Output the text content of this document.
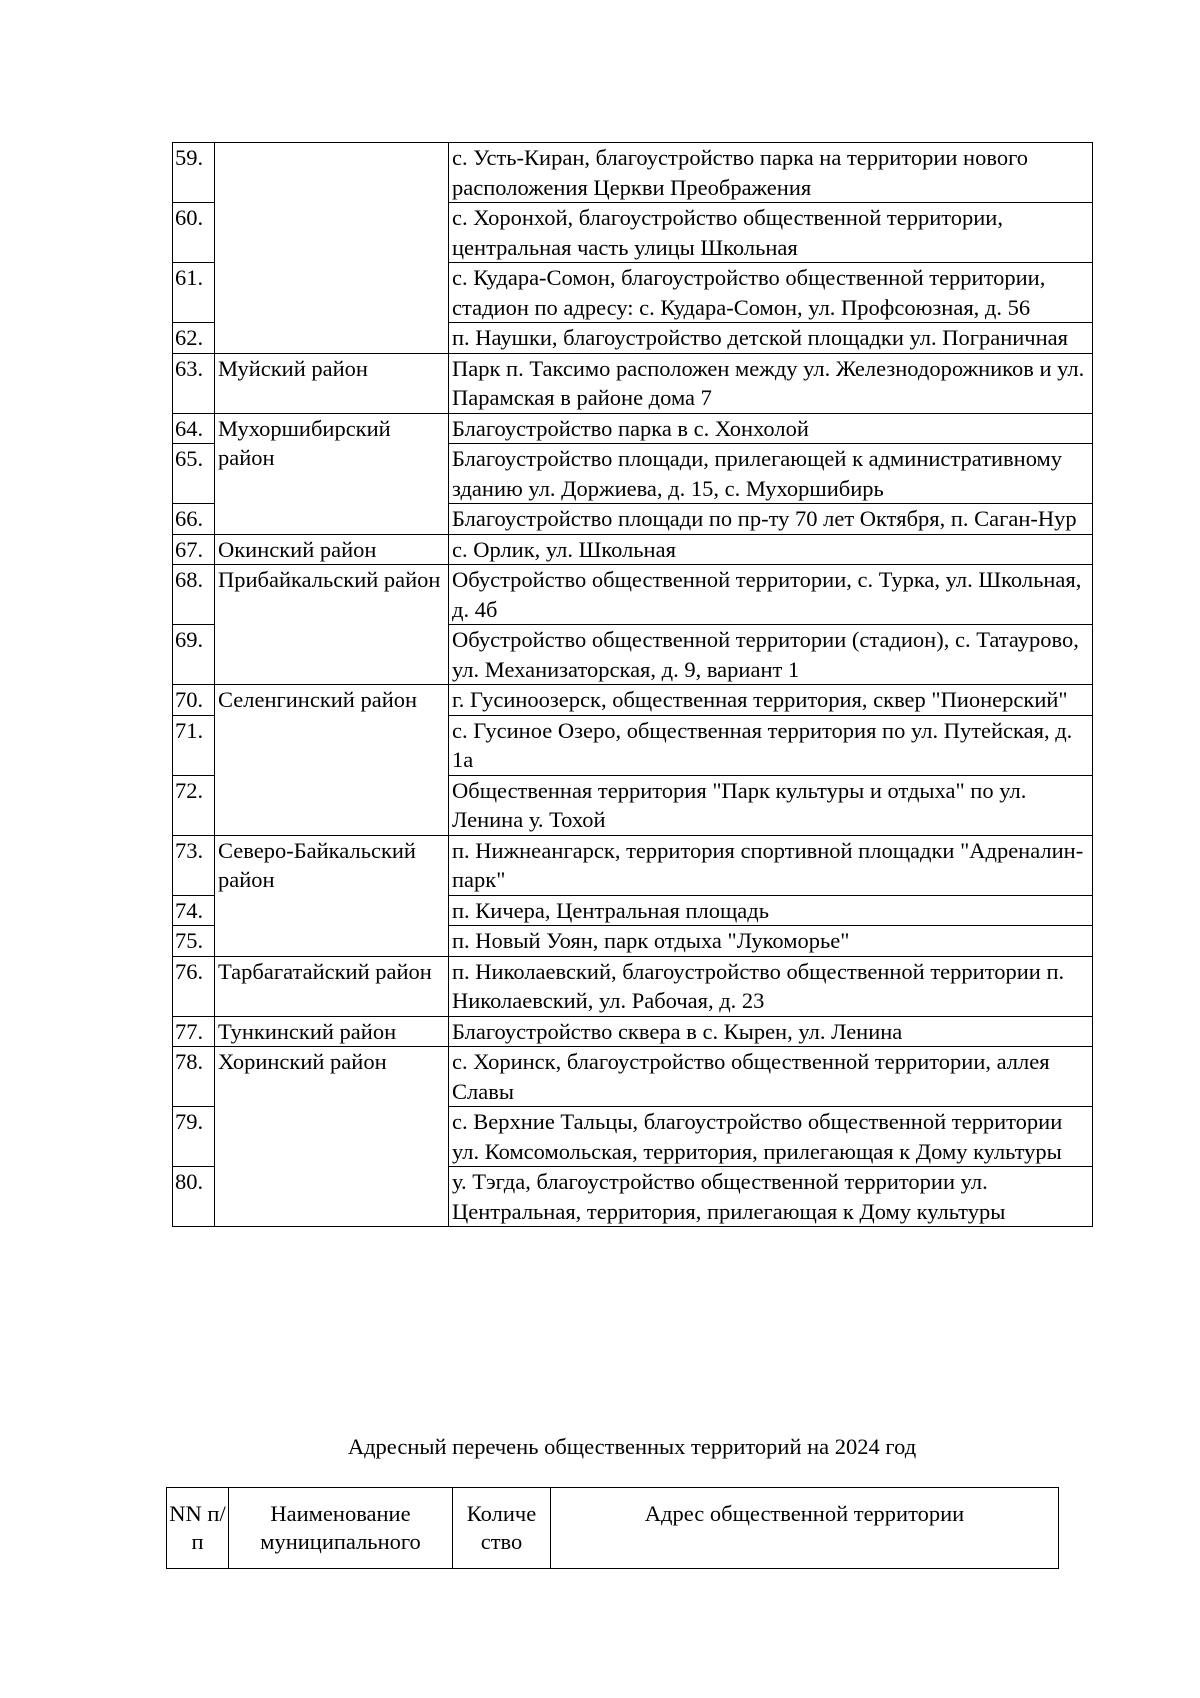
59.		с. Усть-Киран, благоустройство парка на территории нового расположения Церкви Преображения
60.		с. Хоронхой, благоустройство общественной территории, центральная часть улицы Школьная
61.		с. Кудара-Сомон, благоустройство общественной территории, стадион по адресу: с. Кудара-Сомон, ул. Профсоюзная, д. 56
62.		п. Наушки, благоустройство детской площадки ул. Пограничная
63.	Муйский район	Парк п. Таксимо расположен между ул. Железнодорожников и ул. Парамская в районе дома 7
64.	Мухоршибирский район	Благоустройство парка в с. Хонхолой
65.		Благоустройство площади, прилегающей к административному зданию ул. Доржиева, д. 15, с. Мухоршибирь
66.		Благоустройство площади по пр-ту 70 лет Октября, п. Саган-Нур
67.	Окинский район	с. Орлик, ул. Школьная
68.	Прибайкальский район	Обустройство общественной территории, с. Турка, ул. Школьная, д. 4б
69.		Обустройство общественной территории (стадион), с. Татаурово, ул. Механизаторская, д. 9, вариант 1
70.	Селенгинский район	г. Гусиноозерск, общественная территория, сквер "Пионерский"
71.		с. Гусиное Озеро, общественная территория по ул. Путейская, д. 1а
72.		Общественная территория "Парк культуры и отдыха" по ул. Ленина у. Тохой
73.	Северо-Байкальский район	п. Нижнеангарск, территория спортивной площадки "Адреналин-парк"
74.		п. Кичера, Центральная площадь
75.		п. Новый Уоян, парк отдыха "Лукоморье"
76.	Тарбагатайский район	п. Николаевский, благоустройство общественной территории п. Николаевский, ул. Рабочая, д. 23
77.	Тункинский район	Благоустройство сквера в с. Кырен, ул. Ленина
78.	Хоринский район	с. Хоринск, благоустройство общественной территории, аллея Славы
79.		с. Верхние Тальцы, благоустройство общественной территории ул. Комсомольская, территория, прилегающая к Дому культуры
80.		у. Тэгда, благоустройство общественной территории ул. Центральная, территория, прилегающая к Дому культуры
Адресный перечень общественных территорий на 2024 год
NN п/п	Наименование муниципального	Количе ство	Адрес общественной территории
